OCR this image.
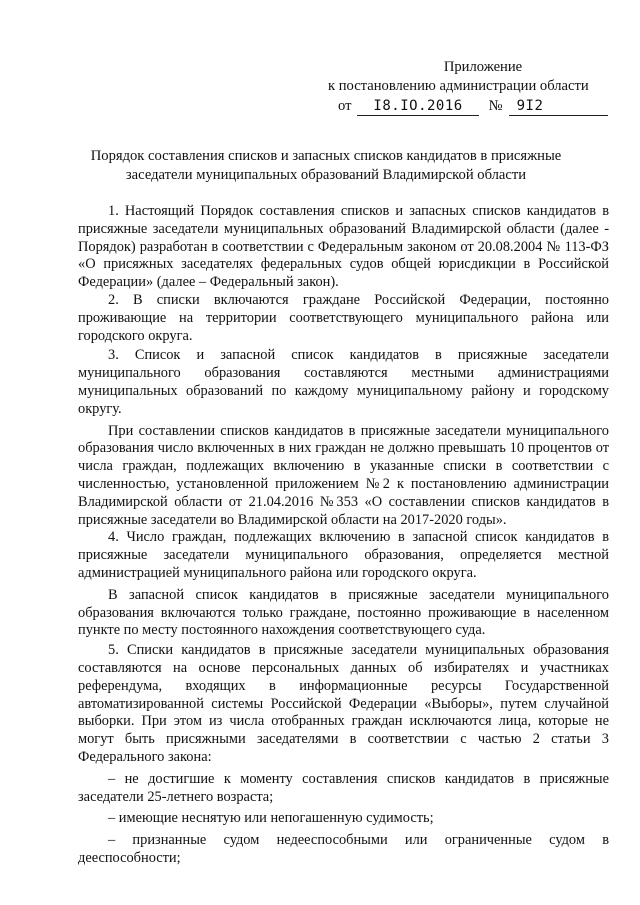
Приложение
к постановлению администрации области
от	I8.IO.2016	№	9I2
Порядок составления списков и запасных списков кандидатов в присяжные заседатели муниципальных образований Владимирской области

1. Настоящий Порядок составления списков и запасных списков кандидатов в присяжные заседатели муниципальных образований Владимирской области (далее - Порядок) разработан в соответствии с Федеральным законом от 20.08.2004 № 113-ФЗ «О присяжных заседателях федеральных судов общей юрисдикции в Российской Федерации» (далее – Федеральный закон).

2. В списки включаются граждане Российской Федерации, постоянно проживающие на территории соответствующего муниципального района или городского округа.

3. Список и запасной список кандидатов в присяжные заседатели муниципального образования составляются местными администрациями муниципальных образований по каждому муниципальному району и городскому округу.

При составлении списков кандидатов в присяжные заседатели муниципального образования число включенных в них граждан не должно превышать 10 процентов от числа граждан, подлежащих включению в указанные списки в соответствии с численностью, установленной приложением №2 к постановлению администрации Владимирской области от 21.04.2016 №353 «О составлении списков кандидатов в присяжные заседатели во Владимирской области на 2017-2020 годы».

4. Число граждан, подлежащих включению в запасной список кандидатов в присяжные заседатели муниципального образования, определяется местной администрацией муниципального района или городского округа.

В запасной список кандидатов в присяжные заседатели муниципального образования включаются только граждане, постоянно проживающие в населенном пункте по месту постоянного нахождения соответствующего суда.

5. Списки кандидатов в присяжные заседатели муниципальных образования составляются на основе персональных данных об избирателях и участниках референдума, входящих в информационные ресурсы Государственной автоматизированной системы Российской Федерации «Выборы», путем случайной выборки. При этом из числа отобранных граждан исключаются лица, которые не могут быть присяжными заседателями в соответствии с частью 2 статьи 3 Федерального закона:

– не достигшие к моменту составления списков кандидатов в присяжные заседатели 25-летнего возраста;

– имеющие неснятую или непогашенную судимость;

– признанные судом недееспособными или ограниченные судом в дееспособности;
